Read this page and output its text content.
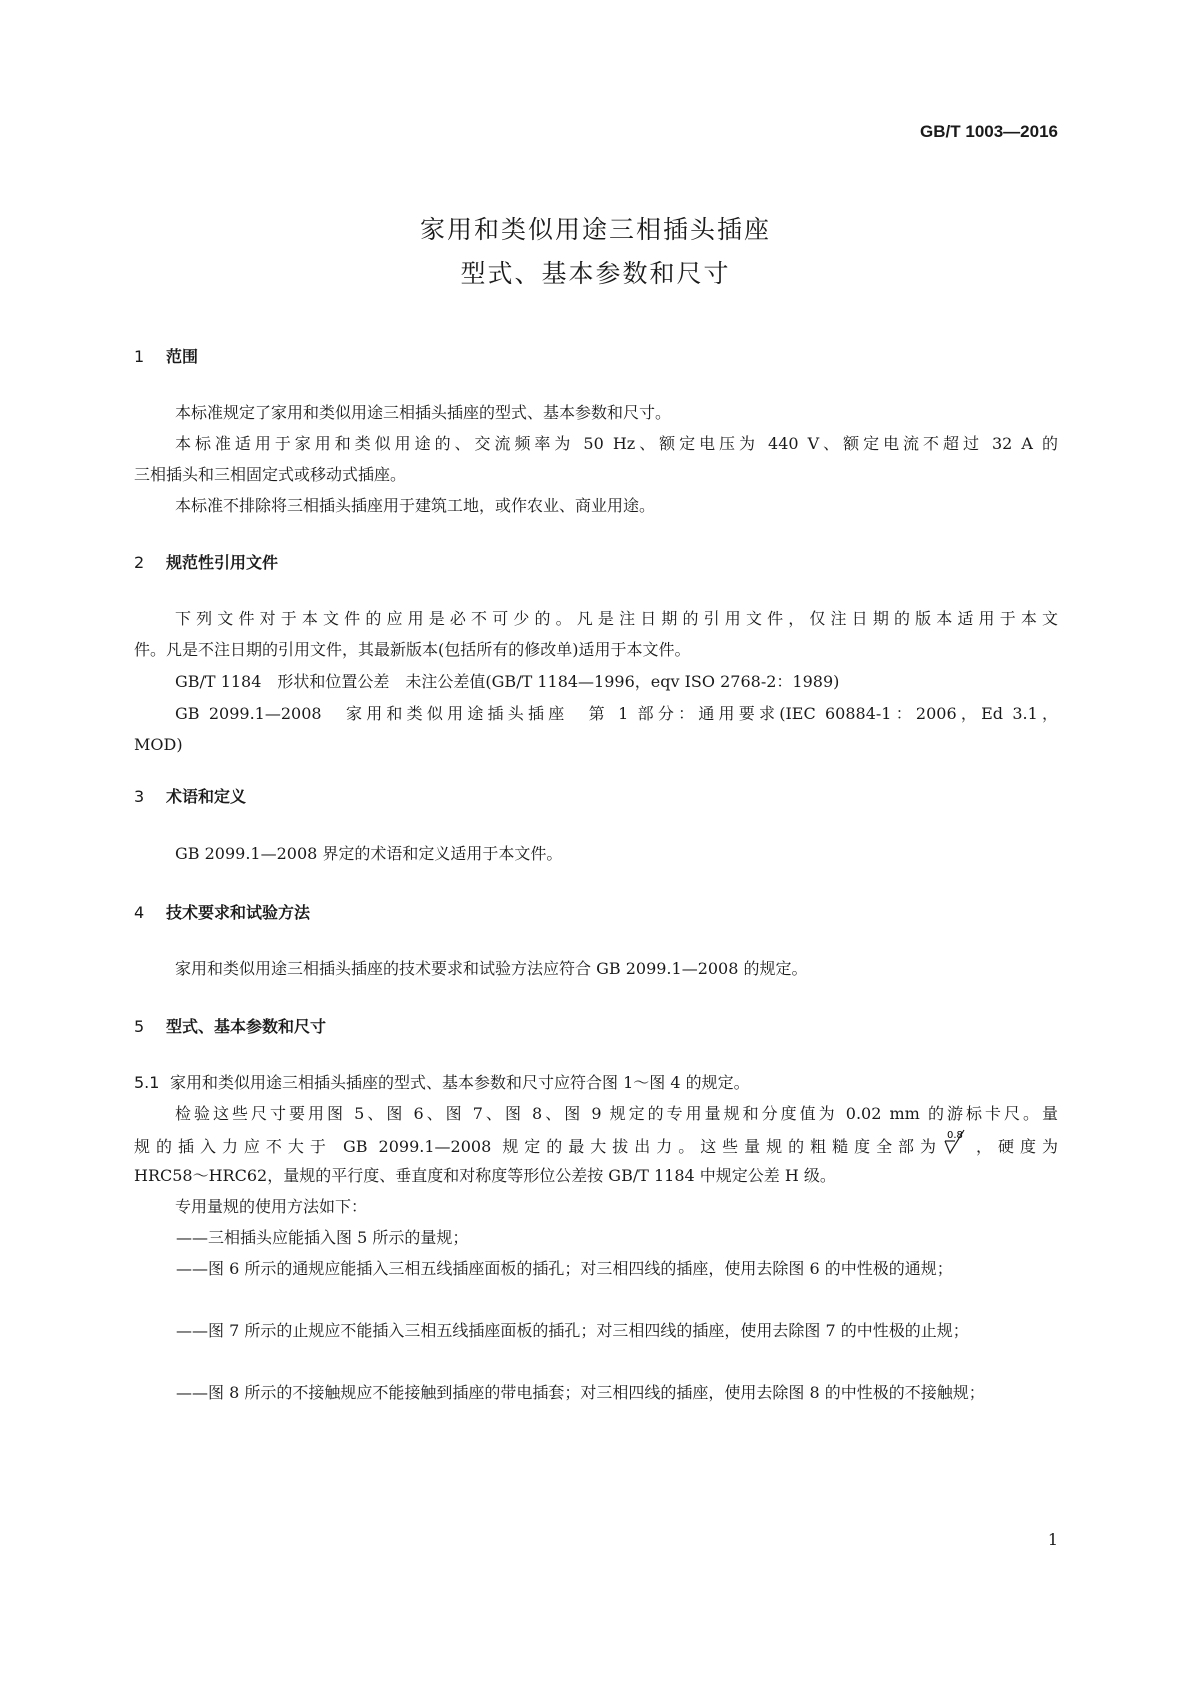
GB/T 1003—2016
家用和类似用途三相插头插座
型式、基本参数和尺寸
1 范围
本标准规定了家用和类似用途三相插头插座的型式、基本参数和尺寸。
本标准适用于家用和类似用途的、交流频率为 50 Hz、额定电压为 440 V、额定电流不超过 32 A 的
三相插头和三相固定式或移动式插座。
本标准不排除将三相插头插座用于建筑工地，或作农业、商业用途。
2 规范性引用文件
下列文件对于本文件的应用是必不可少的。凡是注日期的引用文件，仅注日期的版本适用于本文
件。凡是不注日期的引用文件，其最新版本(包括所有的修改单)适用于本文件。
GB/T 1184　形状和位置公差　未注公差值(GB/T 1184—1996，eqv ISO 2768-2：1989)
GB 2099.1—2008　家用和类似用途插头插座　第 1 部分：通用要求(IEC 60884-1：2006，Ed 3.1，
MOD)
3 术语和定义
GB 2099.1—2008 界定的术语和定义适用于本文件。
4 技术要求和试验方法
家用和类似用途三相插头插座的技术要求和试验方法应符合 GB 2099.1—2008 的规定。
5 型式、基本参数和尺寸
5.1 家用和类似用途三相插头插座的型式、基本参数和尺寸应符合图 1～图 4 的规定。
检验这些尺寸要用图 5、图 6、图 7、图 8、图 9 规定的专用量规和分度值为 0.02 mm 的游标卡尺。量
规的插入力应不大于 GB 2099.1—2008 规定的最大拔出力。这些量规的粗糙度全部为
0.8
，硬度为
HRC58～HRC62，量规的平行度、垂直度和对称度等形位公差按 GB/T 1184 中规定公差 H 级。
专用量规的使用方法如下：
——三相插头应能插入图 5 所示的量规；
——图 6 所示的通规应能插入三相五线插座面板的插孔；对三相四线的插座，使用去除图 6 的中性极的通规；
——图 7 所示的止规应不能插入三相五线插座面板的插孔；对三相四线的插座，使用去除图 7 的中性极的止规；
——图 8 所示的不接触规应不能接触到插座的带电插套；对三相四线的插座，使用去除图 8 的中性极的不接触规；
1
